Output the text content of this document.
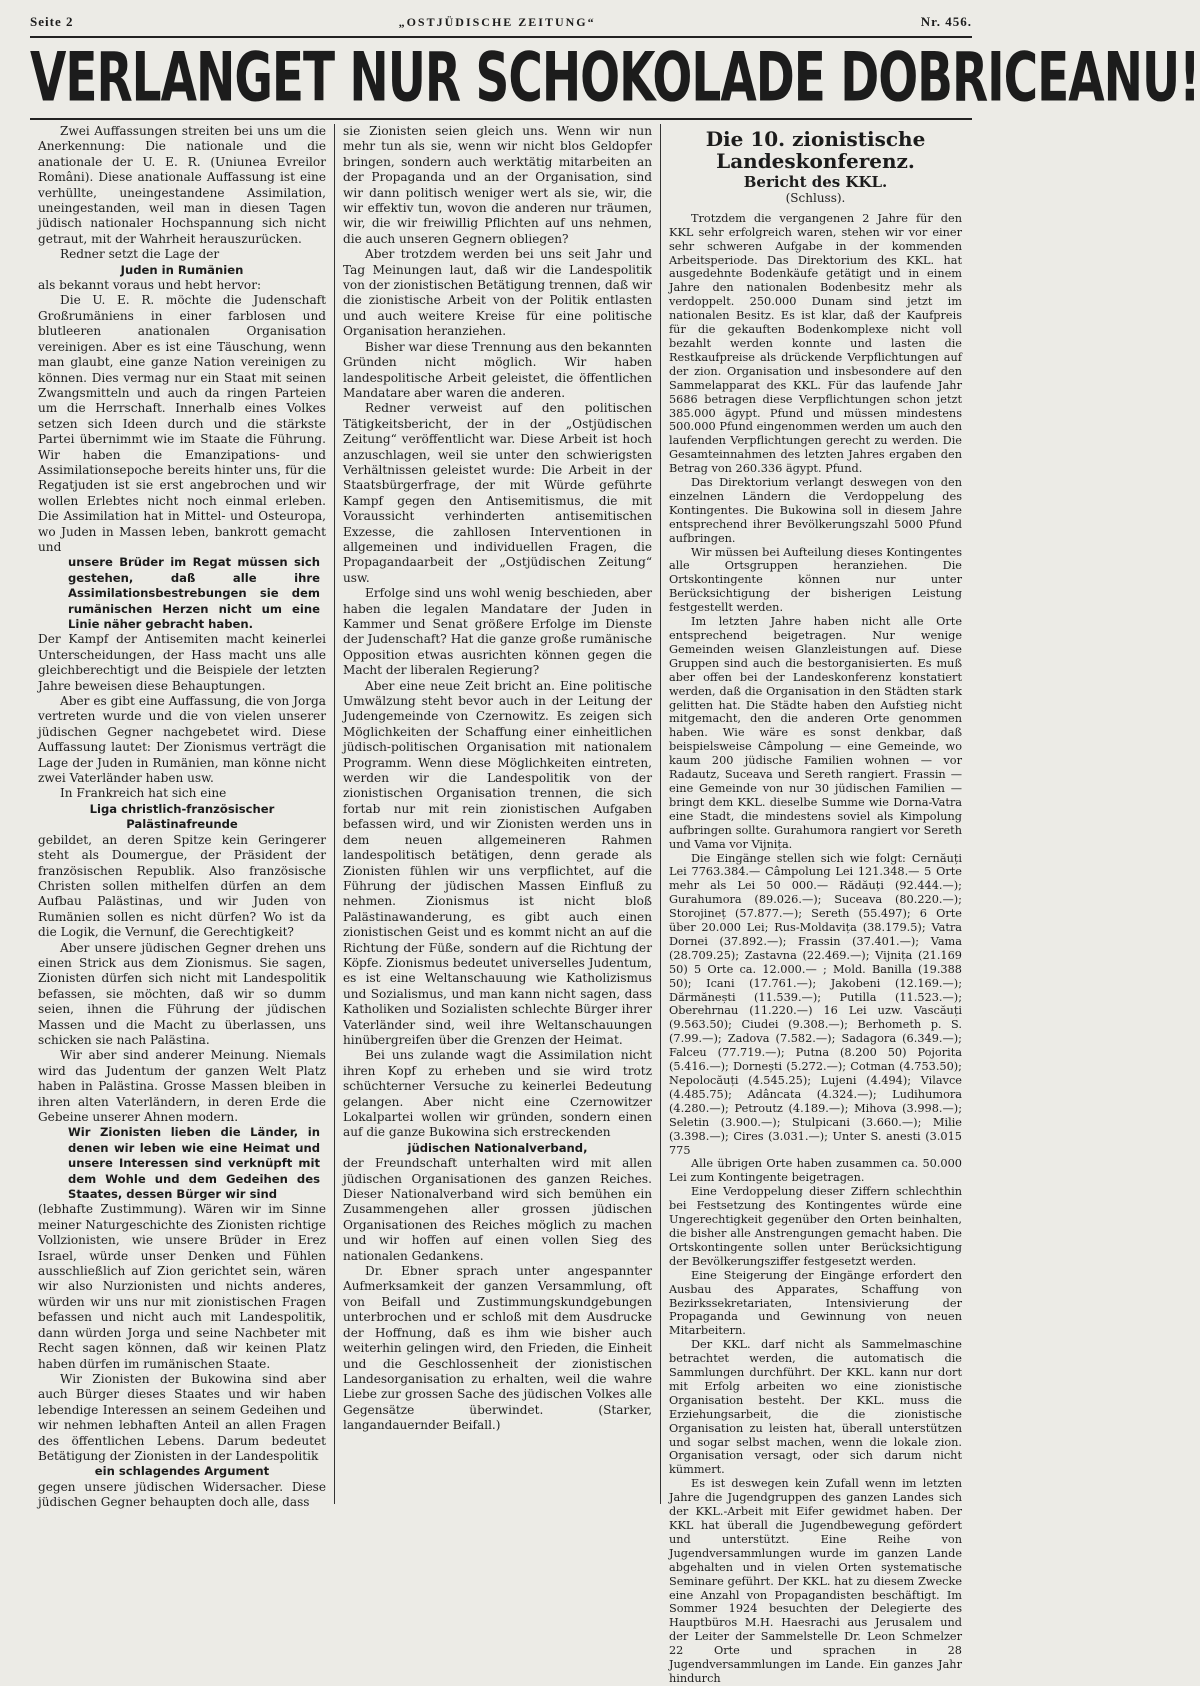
Seite 2	„OSTJÜDISCHE ZEITUNG“	Nr. 456.
VERLANGET NUR SCHOKOLADE DOBRICEANU!

Zwei Auffassungen streiten bei uns um die Anerkennung: Die nationale und die anationale der U. E. R. (Uniunea Evreilor Români). Diese anationale Auffassung ist eine verhüllte, uneingestandene Assimilation, uneingestanden, weil man in diesen Tagen jüdisch nationaler Hochspannung sich nicht getraut, mit der Wahrheit herauszurücken.

Redner setzt die Lage der

Juden in Rumänien

als bekannt voraus und hebt hervor:

Die U. E. R. möchte die Judenschaft Großrumäniens in einer farblosen und blutleeren anationalen Organisation vereinigen. Aber es ist eine Täuschung, wenn man glaubt, eine ganze Nation vereinigen zu können. Dies vermag nur ein Staat mit seinen Zwangsmitteln und auch da ringen Parteien um die Herrschaft. Innerhalb eines Volkes setzen sich Ideen durch und die stärkste Partei übernimmt wie im Staate die Führung. Wir haben die Emanzipations- und Assimilationsepoche bereits hinter uns, für die Regatjuden ist sie erst angebrochen und wir wollen Erlebtes nicht noch einmal erleben. Die Assimilation hat in Mittel- und Osteuropa, wo Juden in Massen leben, bankrott gemacht und

unsere Brüder im Regat müssen sich gestehen, daß alle ihre Assimilationsbestrebungen sie dem rumänischen Herzen nicht um eine Linie näher gebracht haben.

Der Kampf der Antisemiten macht keinerlei Unterscheidungen, der Hass macht uns alle gleichberechtigt und die Beispiele der letzten Jahre beweisen diese Behauptungen.

Aber es gibt eine Auffassung, die von Jorga vertreten wurde und die von vielen unserer jüdischen Gegner nachgebetet wird. Diese Auffassung lautet: Der Zionismus verträgt die Lage der Juden in Rumänien, man könne nicht zwei Vaterländer haben usw.

In Frankreich hat sich eine

Liga christlich-französischer Palästinafreunde

gebildet, an deren Spitze kein Geringerer steht als Doumergue, der Präsident der französischen Republik. Also französische Christen sollen mithelfen dürfen an dem Aufbau Palästinas, und wir Juden von Rumänien sollen es nicht dürfen? Wo ist da die Logik, die Vernunf, die Gerechtigkeit?

Aber unsere jüdischen Gegner drehen uns einen Strick aus dem Zionismus. Sie sagen, Zionisten dürfen sich nicht mit Landespolitik befassen, sie möchten, daß wir so dumm seien, ihnen die Führung der jüdischen Massen und die Macht zu überlassen, uns schicken sie nach Palästina.

Wir aber sind anderer Meinung. Niemals wird das Judentum der ganzen Welt Platz haben in Palästina. Grosse Massen bleiben in ihren alten Vaterländern, in deren Erde die Gebeine unserer Ahnen modern.

Wir Zionisten lieben die Länder, in denen wir leben wie eine Heimat und unsere Interessen sind verknüpft mit dem Wohle und dem Gedeihen des Staates, dessen Bürger wir sind

(lebhafte Zustimmung). Wären wir im Sinne meiner Naturgeschichte des Zionisten richtige Vollzionisten, wie unsere Brüder in Erez Israel, würde unser Denken und Fühlen ausschließlich auf Zion gerichtet sein, wären wir also Nurzionisten und nichts anderes, würden wir uns nur mit zionistischen Fragen befassen und nicht auch mit Landespolitik, dann würden Jorga und seine Nachbeter mit Recht sagen können, daß wir keinen Platz haben dürfen im rumänischen Staate.

Wir Zionisten der Bukowina sind aber auch Bürger dieses Staates und wir haben lebendige Interessen an seinem Gedeihen und wir nehmen lebhaften Anteil an allen Fragen des öffentlichen Lebens. Darum bedeutet Betätigung der Zionisten in der Landespolitik

ein schlagendes Argument

gegen unsere jüdischen Widersacher. Diese jüdischen Gegner behaupten doch alle, dass

sie Zionisten seien gleich uns. Wenn wir nun mehr tun als sie, wenn wir nicht blos Geldopfer bringen, sondern auch werktätig mitarbeiten an der Propaganda und an der Organisation, sind wir dann politisch weniger wert als sie, wir, die wir effektiv tun, wovon die anderen nur träumen, wir, die wir freiwillig Pflichten auf uns nehmen, die auch unseren Gegnern obliegen?

Aber trotzdem werden bei uns seit Jahr und Tag Meinungen laut, daß wir die Landespolitik von der zionistischen Betätigung trennen, daß wir die zionistische Arbeit von der Politik entlasten und auch weitere Kreise für eine politische Organisation heranziehen.

Bisher war diese Trennung aus den bekannten Gründen nicht möglich. Wir haben landespolitische Arbeit geleistet, die öffentlichen Mandatare aber waren die anderen.

Redner verweist auf den politischen Tätigkeitsbericht, der in der „Ostjüdischen Zeitung“ veröffentlicht war. Diese Arbeit ist hoch anzuschlagen, weil sie unter den schwierigsten Verhältnissen geleistet wurde: Die Arbeit in der Staatsbürgerfrage, der mit Würde geführte Kampf gegen den Antisemitismus, die mit Voraussicht verhinderten antisemitischen Exzesse, die zahllosen Interventionen in allgemeinen und individuellen Fragen, die Propagandaarbeit der „Ostjüdischen Zeitung“ usw.

Erfolge sind uns wohl wenig beschieden, aber haben die legalen Mandatare der Juden in Kammer und Senat größere Erfolge im Dienste der Judenschaft? Hat die ganze große rumänische Opposition etwas ausrichten können gegen die Macht der liberalen Regierung?

Aber eine neue Zeit bricht an. Eine politische Umwälzung steht bevor auch in der Leitung der Judengemeinde von Czernowitz. Es zeigen sich Möglichkeiten der Schaffung einer einheitlichen jüdisch-politischen Organisation mit nationalem Programm. Wenn diese Möglichkeiten eintreten, werden wir die Landespolitik von der zionistischen Organisation trennen, die sich fortab nur mit rein zionistischen Aufgaben befassen wird, und wir Zionisten werden uns in dem neuen allgemeineren Rahmen landespolitisch betätigen, denn gerade als Zionisten fühlen wir uns verpflichtet, auf die Führung der jüdischen Massen Einfluß zu nehmen. Zionismus ist nicht bloß Palästinawanderung, es gibt auch einen zionistischen Geist und es kommt nicht an auf die Richtung der Füße, sondern auf die Richtung der Köpfe. Zionismus bedeutet universelles Judentum, es ist eine Weltanschauung wie Katholizismus und Sozialismus, und man kann nicht sagen, dass Katholiken und Sozialisten schlechte Bürger ihrer Vaterländer sind, weil ihre Weltanschauungen hinübergreifen über die Grenzen der Heimat.

Bei uns zulande wagt die Assimilation nicht ihren Kopf zu erheben und sie wird trotz schüchterner Versuche zu keinerlei Bedeutung gelangen. Aber nicht eine Czernowitzer Lokalpartei wollen wir gründen, sondern einen auf die ganze Bukowina sich erstreckenden

jüdischen Nationalverband,

der Freundschaft unterhalten wird mit allen jüdischen Organisationen des ganzen Reiches. Dieser Nationalverband wird sich bemühen ein Zusammengehen aller grossen jüdischen Organisationen des Reiches möglich zu machen und wir hoffen auf einen vollen Sieg des nationalen Gedankens.

Dr. Ebner sprach unter angespannter Aufmerksamkeit der ganzen Versammlung, oft von Beifall und Zustimmungskundgebungen unterbrochen und er schloß mit dem Ausdrucke der Hoffnung, daß es ihm wie bisher auch weiterhin gelingen wird, den Frieden, die Einheit und die Geschlossenheit der zionistischen Landesorganisation zu erhalten, weil die wahre Liebe zur grossen Sache des jüdischen Volkes alle Gegensätze überwindet. (Starker, langandauernder Beifall.)

Die 10. zionistische Landeskonferenz.
Bericht des KKL.
(Schluss).

Trotzdem die vergangenen 2 Jahre für den KKL sehr erfolgreich waren, stehen wir vor einer sehr schweren Aufgabe in der kommenden Arbeitsperiode. Das Direktorium des KKL. hat ausgedehnte Bodenkäufe getätigt und in einem Jahre den nationalen Bodenbesitz mehr als verdoppelt. 250.000 Dunam sind jetzt im nationalen Besitz. Es ist klar, daß der Kaufpreis für die gekauften Bodenkomplexe nicht voll bezahlt werden konnte und lasten die Restkaufpreise als drückende Verpflichtungen auf der zion. Organisation und insbesondere auf den Sammelapparat des KKL. Für das laufende Jahr 5686 betragen diese Verpflichtungen schon jetzt 385.000 ägypt. Pfund und müssen mindestens 500.000 Pfund eingenommen werden um auch den laufenden Verpflichtungen gerecht zu werden. Die Gesamteinnahmen des letzten Jahres ergaben den Betrag von 260.336 ägypt. Pfund.

Das Direktorium verlangt deswegen von den einzelnen Ländern die Verdoppelung des Kontingentes. Die Bukowina soll in diesem Jahre entsprechend ihrer Bevölkerungszahl 5000 Pfund aufbringen.

Wir müssen bei Aufteilung dieses Kontingentes alle Ortsgruppen heranziehen. Die Ortskontingente können nur unter Berücksichtigung der bisherigen Leistung festgestellt werden.

Im letzten Jahre haben nicht alle Orte entsprechend beigetragen. Nur wenige Gemeinden weisen Glanzleistungen auf. Diese Gruppen sind auch die bestorganisierten. Es muß aber offen bei der Landeskonferenz konstatiert werden, daß die Organisation in den Städten stark gelitten hat. Die Städte haben den Aufstieg nicht mitgemacht, den die anderen Orte genommen haben. Wie wäre es sonst denkbar, daß beispielsweise Câmpolung — eine Gemeinde, wo kaum 200 jüdische Familien wohnen — vor Radautz, Suceava und Sereth rangiert. Frassin — eine Gemeinde von nur 30 jüdischen Familien — bringt dem KKL. dieselbe Summe wie Dorna-Vatra eine Stadt, die mindestens soviel als Kimpolung aufbringen sollte. Gurahumora rangiert vor Sereth und Vama vor Vijnița.

Die Eingänge stellen sich wie folgt: Cernăuți Lei 7763.384.— Câmpolung Lei 121.348.— 5 Orte mehr als Lei 50 000.— Rădăuți (92.444.—); Gurahumora (89.026.—); Suceava (80.220.—); Storojineț (57.877.—); Sereth (55.497); 6 Orte über 20.000 Lei; Rus-Moldavița (38.179.5); Vatra Dornei (37.892.—); Frassin (37.401.—); Vama (28.709.25); Zastavna (22.469.—); Vijnița (21.169 50) 5 Orte ca. 12.000.— ; Mold. Banilla (19.388 50); Icani (17.761.—); Jakobeni (12.169.—); Dărmănești (11.539.—); Putilla (11.523.—); Oberehrnau (11.220.—) 16 Lei uzw. Vascăuți (9.563.50); Ciudei (9.308.—); Berhometh p. S. (7.99.—); Zadova (7.582.—); Sadagora (6.349.—); Falceu (77.719.—); Putna (8.200 50) Pojorita (5.416.—); Dornești (5.272.—); Cotman (4.753.50); Nepolocăuți (4.545.25); Lujeni (4.494); Vilavce (4.485.75); Adâncata (4.324.—); Ludihumora (4.280.—); Petroutz (4.189.—); Mihova (3.998.—); Seletin (3.900.—); Stulpicani (3.660.—); Milie (3.398.—); Cires (3.031.—); Unter S. anesti (3.015 775

Alle übrigen Orte haben zusammen ca. 50.000 Lei zum Kontingente beigetragen.

Eine Verdoppelung dieser Ziffern schlechthin bei Festsetzung des Kontingentes würde eine Ungerechtigkeit gegenüber den Orten beinhalten, die bisher alle Anstrengungen gemacht haben. Die Ortskontingente sollen unter Berücksichtigung der Bevölkerungsziffer festgesetzt werden.

Eine Steigerung der Eingänge erfordert den Ausbau des Apparates, Schaffung von Bezirkssekretariaten, Intensivierung der Propaganda und Gewinnung von neuen Mitarbeitern.

Der KKL. darf nicht als Sammelmaschine betrachtet werden, die automatisch die Sammlungen durchführt. Der KKL. kann nur dort mit Erfolg arbeiten wo eine zionistische Organisation besteht. Der KKL. muss die Erziehungsarbeit, die die zionistische Organisation zu leisten hat, überall unterstützen und sogar selbst machen, wenn die lokale zion. Organisation versagt, oder sich darum nicht kümmert.

Es ist deswegen kein Zufall wenn im letzten Jahre die Jugendgruppen des ganzen Landes sich der KKL.-Arbeit mit Eifer gewidmet haben. Der KKL hat überall die Jugendbewegung gefördert und unterstützt. Eine Reihe von Jugendversammlungen wurde im ganzen Lande abgehalten und in vielen Orten systematische Seminare geführt. Der KKL. hat zu diesem Zwecke eine Anzahl von Propagandisten beschäftigt. Im Sommer 1924 besuchten der Delegierte des Hauptbüros M.H. Haesrachi aus Jerusalem und der Leiter der Sammelstelle Dr. Leon Schmelzer 22 Orte und sprachen in 28 Jugendversammlungen im Lande. Ein ganzes Jahr hindurch
